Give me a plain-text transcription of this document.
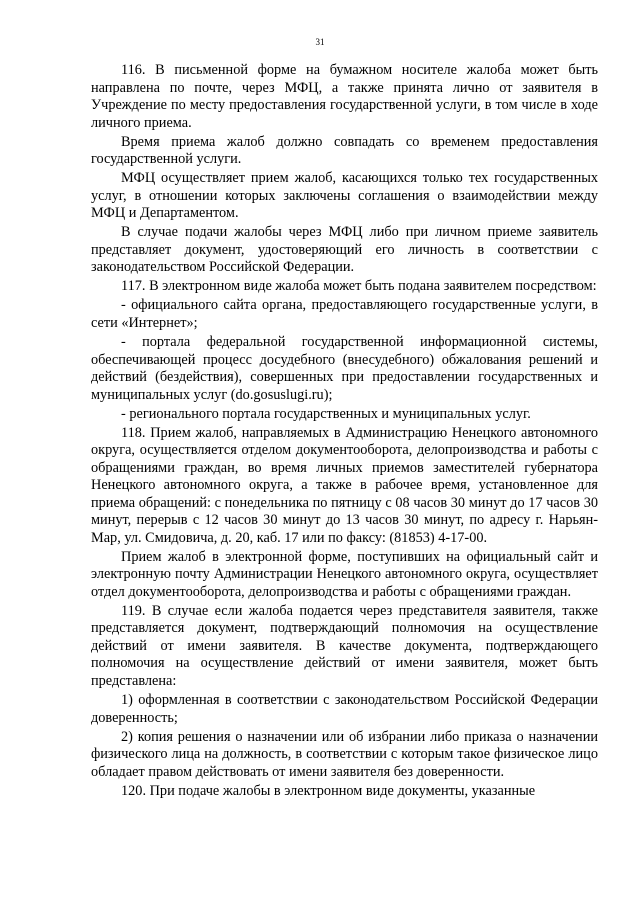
31

116. В письменной форме на бумажном носителе жалоба может быть направлена по почте, через МФЦ, а также принята лично от заявителя в Учреждение по месту предоставления государственной услуги, в том числе в ходе личного приема.

Время приема жалоб должно совпадать со временем предоставления государственной услуги.

МФЦ осуществляет прием жалоб, касающихся только тех государственных услуг, в отношении которых заключены соглашения о взаимодействии между МФЦ и Департаментом.

В случае подачи жалобы через МФЦ либо при личном приеме заявитель представляет документ, удостоверяющий его личность в соответствии с законодательством Российской Федерации.

117. В электронном виде жалоба может быть подана заявителем посредством:

- официального сайта органа, предоставляющего государственные услуги, в сети «Интернет»;

- портала федеральной государственной информационной системы, обеспечивающей процесс досудебного (внесудебного) обжалования решений и действий (бездействия), совершенных при предоставлении государственных и муниципальных услуг (do.gosuslugi.ru);

- регионального портала государственных и муниципальных услуг.

118. Прием жалоб, направляемых в Администрацию Ненецкого автономного округа, осуществляется отделом документооборота, делопроизводства и работы с обращениями граждан, во время личных приемов заместителей губернатора Ненецкого автономного округа, а также в рабочее время, установленное для приема обращений: с понедельника по пятницу с 08 часов 30 минут до 17 часов 30 минут, перерыв с 12 часов 30 минут до 13 часов 30 минут, по адресу г. Нарьян-Мар, ул. Смидовича, д. 20, каб. 17 или по факсу: (81853) 4-17-00.

Прием жалоб в электронной форме, поступивших на официальный сайт и электронную почту Администрации Ненецкого автономного округа, осуществляет отдел документооборота, делопроизводства и работы с обращениями граждан.

119. В случае если жалоба подается через представителя заявителя, также представляется документ, подтверждающий полномочия на осуществление действий от имени заявителя. В качестве документа, подтверждающего полномочия на осуществление действий от имени заявителя, может быть представлена:

1) оформленная в соответствии с законодательством Российской Федерации доверенность;

2) копия решения о назначении или об избрании либо приказа о назначении физического лица на должность, в соответствии с которым такое физическое лицо обладает правом действовать от имени заявителя без доверенности.

120. При подаче жалобы в электронном виде документы, указанные
